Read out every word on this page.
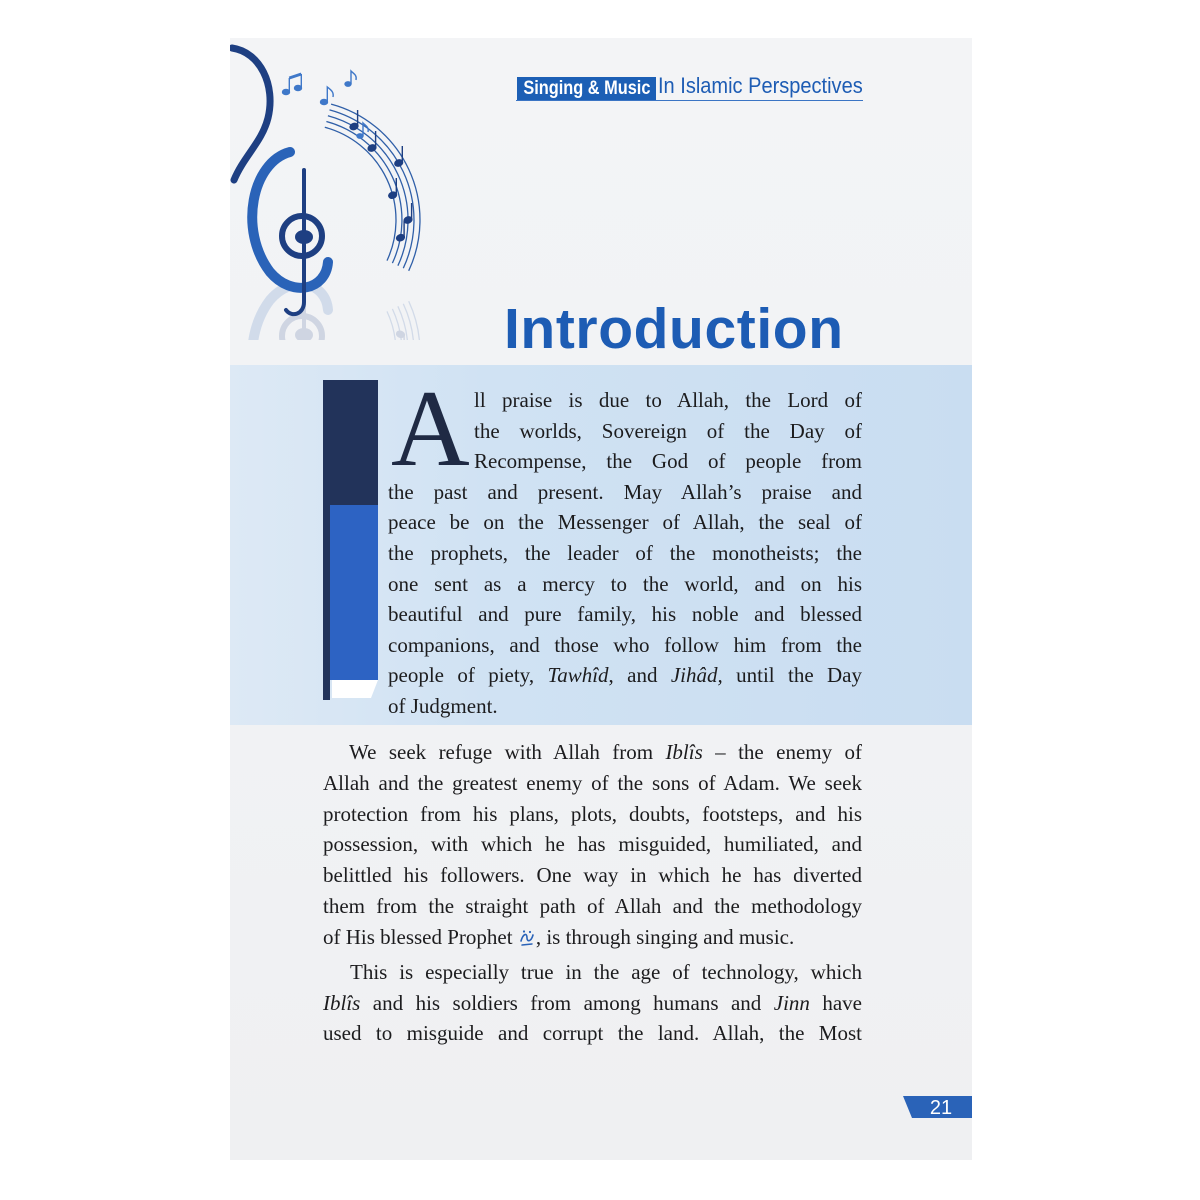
Singing & Music In Islamic Perspectives
Introduction
A ll praise is due to Allah, the Lord of
the worlds, Sovereign of the Day of
Recompense, the God of people from
the past and present. May Allah’s praise and
peace be on the Messenger of Allah, the seal of
the prophets, the leader of the monotheists; the
one sent as a mercy to the world, and on his
beautiful and pure family, his noble and blessed
companions, and those who follow him from the
people of piety, Tawhîd, and Jihâd, until the Day
of Judgment.
We seek refuge with Allah from Iblîs – the enemy of
Allah and the greatest enemy of the sons of Adam. We seek
protection from his plans, plots, doubts, footsteps, and his
possession, with which he has misguided, humiliated, and
belittled his followers. One way in which he has diverted
them from the straight path of Allah and the methodology
of His blessed Prophet , is through singing and music.
This is especially true in the age of technology, which
Iblîs and his soldiers from among humans and Jinn have
used to misguide and corrupt the land. Allah, the Most
21
